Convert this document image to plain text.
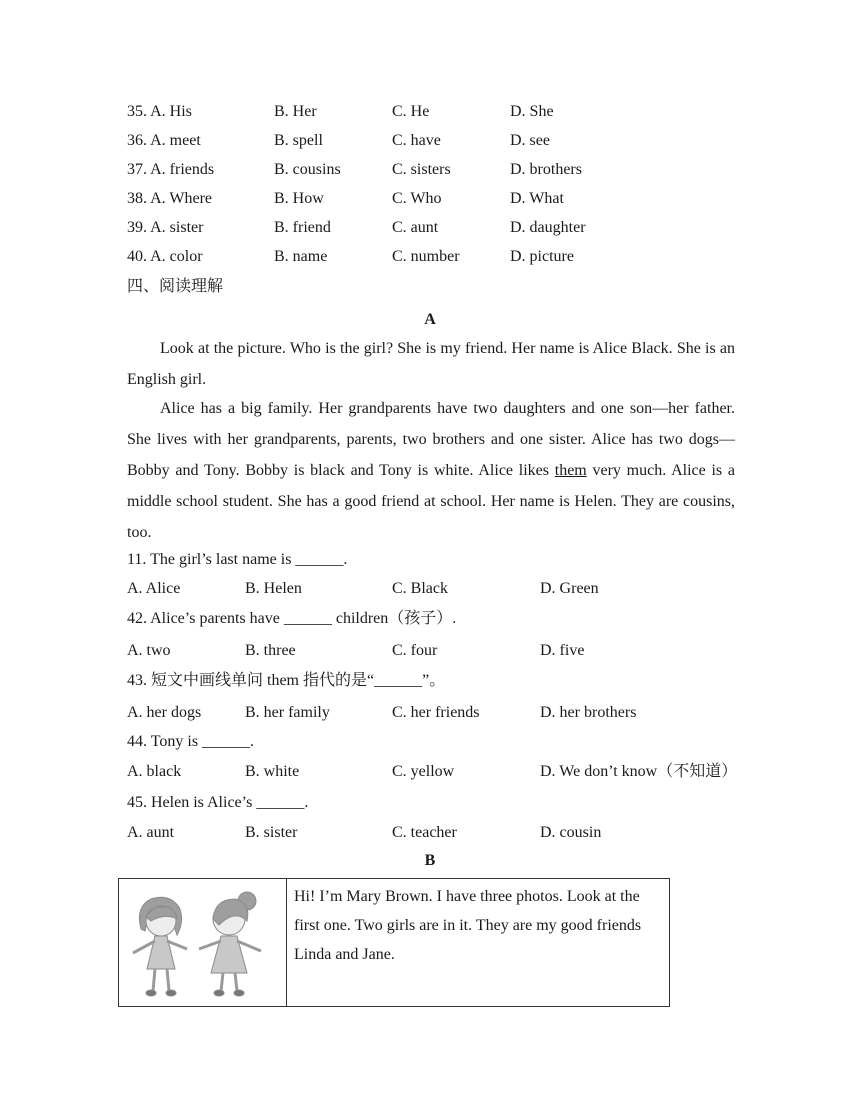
35. A. His	B. Her	C. He	D. She
36. A. meet	B. spell	C. have	D. see
37. A. friends	B. cousins	C. sisters	D. brothers
38. A. Where	B. How	C. Who	D. What
39. A. sister	B. friend	C. aunt	D. daughter
40. A. color	B. name	C. number	D. picture
四、阅读理解
A
Look at the picture. Who is the girl? She is my friend. Her name is Alice Black. She is an English girl.
Alice has a big family. Her grandparents have two daughters and one son—her father. She lives with her grandparents, parents, two brothers and one sister. Alice has two dogs—Bobby and Tony. Bobby is black and Tony is white. Alice likes them very much. Alice is a middle school student. She has a good friend at school. Her name is Helen. They are cousins, too.
11. The girl’s last name is ______.
A. Alice	B. Helen	C. Black	D. Green
42. Alice’s parents have ______ children（孩子）.
A. two	B. three	C. four	D. five
43. 短文中画线单问 them 指代的是“______”。
A. her dogs	B. her family	C. her friends	D. her brothers
44. Tony is ______.
A. black	B. white	C. yellow	D. We don’t know（不知道）
45. Helen is Alice’s ______.
A. aunt	B. sister	C. teacher	D. cousin
B
Hi! I’m Mary Brown. I have three photos. Look at the first one. Two girls are in it. They are my good friends Linda and Jane.
